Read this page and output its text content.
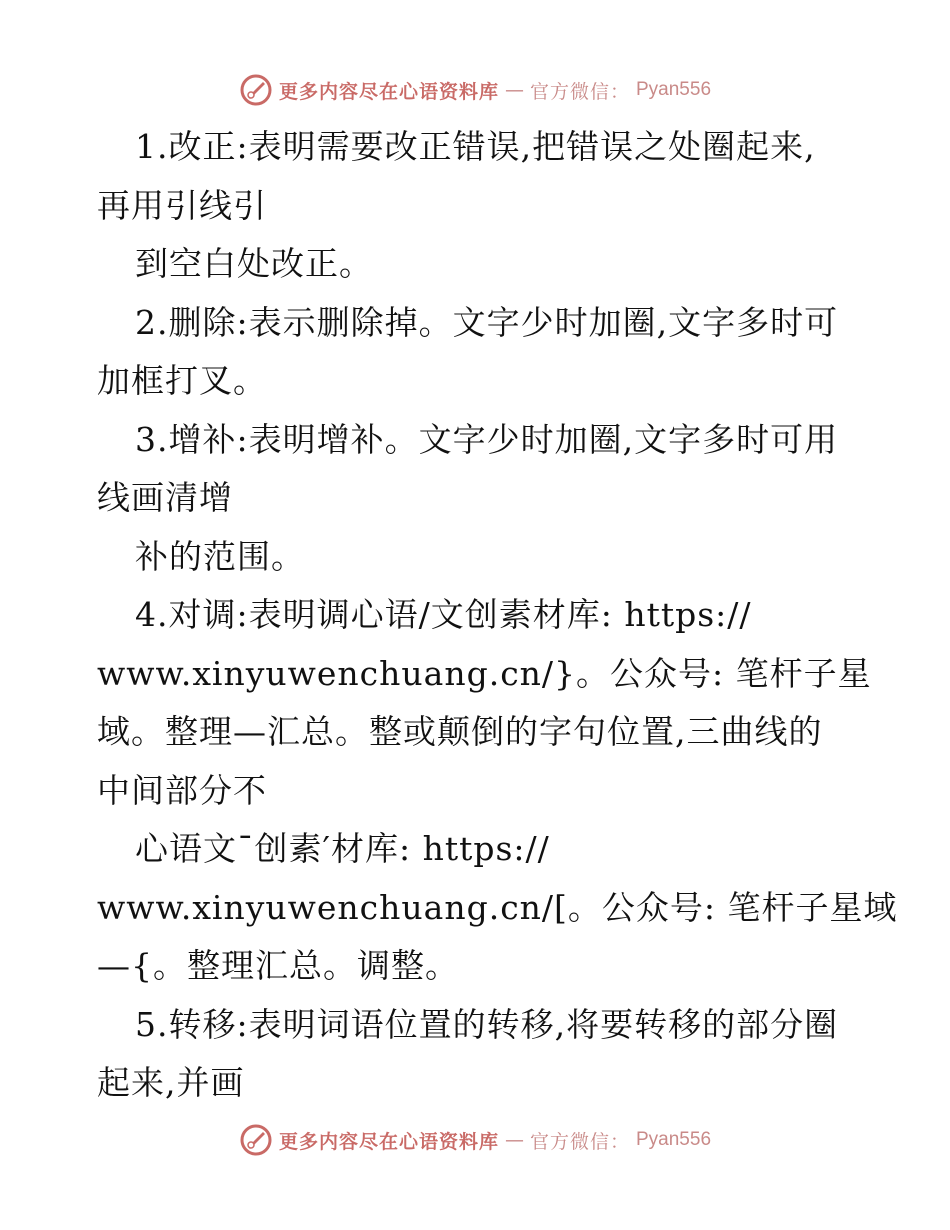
更多内容尽在心语资料库 — 官方微信： Pyan556
1.改正:表明需要改正错误,把错误之处圈起来,
再用引线引
到空白处改正。
2.删除:表示删除掉。文字少时加圈,文字多时可
加框打叉。
3.增补:表明增补。文字少时加圈,文字多时可用
线画清增
补的范围。
4.对调:表明调心语/文创素材库: https://
www.xinyuwenchuang.cn/}。公众号: 笔杆子星
域。整理—汇总。整或颠倒的字句位置,三曲线的
中间部分不
心语文¯创素′材库: https://
www.xinyuwenchuang.cn/[。公众号: 笔杆子星域
—{。整理汇总。调整。
5.转移:表明词语位置的转移,将要转移的部分圈
起来,并画
更多内容尽在心语资料库 — 官方微信： Pyan556
